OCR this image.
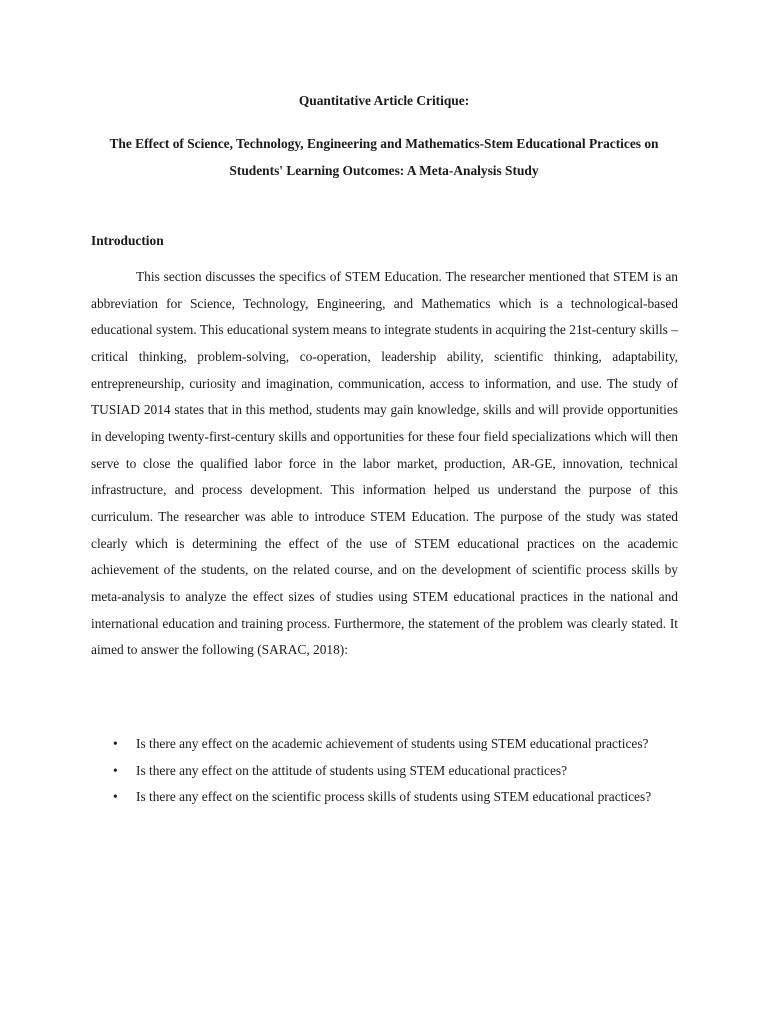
Quantitative Article Critique:
The Effect of Science, Technology, Engineering and Mathematics-Stem Educational Practices on Students' Learning Outcomes: A Meta-Analysis Study
Introduction

This section discusses the specifics of STEM Education. The researcher mentioned that STEM is an abbreviation for Science, Technology, Engineering, and Mathematics which is a technological-based educational system. This educational system means to integrate students in acquiring the 21st-century skills – critical thinking, problem-solving, co-operation, leadership ability, scientific thinking, adaptability, entrepreneurship, curiosity and imagination, communication, access to information, and use. The study of TUSIAD 2014 states that in this method, students may gain knowledge, skills and will provide opportunities in developing twenty-first-century skills and opportunities for these four field specializations which will then serve to close the qualified labor force in the labor market, production, AR-GE, innovation, technical infrastructure, and process development. This information helped us understand the purpose of this curriculum. The researcher was able to introduce STEM Education. The purpose of the study was stated clearly which is determining the effect of the use of STEM educational practices on the academic achievement of the students, on the related course, and on the development of scientific process skills by meta-analysis to analyze the effect sizes of studies using STEM educational practices in the national and international education and training process. Furthermore, the statement of the problem was clearly stated. It aimed to answer the following (SARAC, 2018):

• Is there any effect on the academic achievement of students using STEM educational practices?
• Is there any effect on the attitude of students using STEM educational practices?
• Is there any effect on the scientific process skills of students using STEM educational practices?
